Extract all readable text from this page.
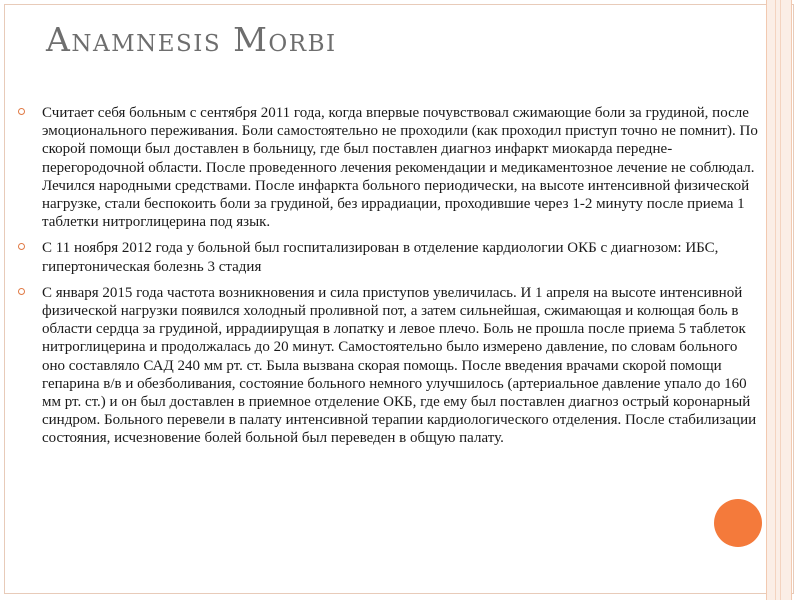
Anamnesis Morbi
Считает себя больным с сентября 2011 года, когда впервые почувствовал сжимающие боли за грудиной, после эмоционального переживания. Боли самостоятельно не проходили (как проходил приступ точно не помнит). По скорой помощи был доставлен в больницу, где был поставлен диагноз инфаркт миокарда передне-перегородочной области. После проведенного лечения рекомендации и медикаментозное лечение не соблюдал. Лечился народными средствами. После инфаркта больного периодически, на высоте интенсивной физической нагрузке, стали беспокоить боли за грудиной, без иррадиации, проходившие через 1-2 минуту после приема 1 таблетки нитроглицерина под язык.
С 11 ноября 2012 года у больной был госпитализирован в отделение кардиологии ОКБ с диагнозом: ИБС, гипертоническая болезнь 3 стадия
С января 2015 года частота возникновения и сила приступов увеличилась. И 1 апреля на высоте интенсивной физической нагрузки появился холодный проливной пот, а затем сильнейшая, сжимающая и колющая боль в области сердца за грудиной, иррадиирущая в лопатку и левое плечо. Боль не прошла после приема 5 таблеток нитроглицерина и продолжалась до 20 минут. Самостоятельно было измерено давление, по словам больного оно составляло САД 240 мм рт. ст. Была вызвана скорая помощь. После введения врачами скорой помощи гепарина в/в и обезболивания, состояние больного немного улучшилось (артериальное давление упало до 160 мм рт. ст.) и он был доставлен в приемное отделение ОКБ, где ему был поставлен диагноз острый коронарный синдром. Больного перевели в палату интенсивной терапии кардиологического отделения. После стабилизации состояния, исчезновение болей больной был переведен в общую палату.
